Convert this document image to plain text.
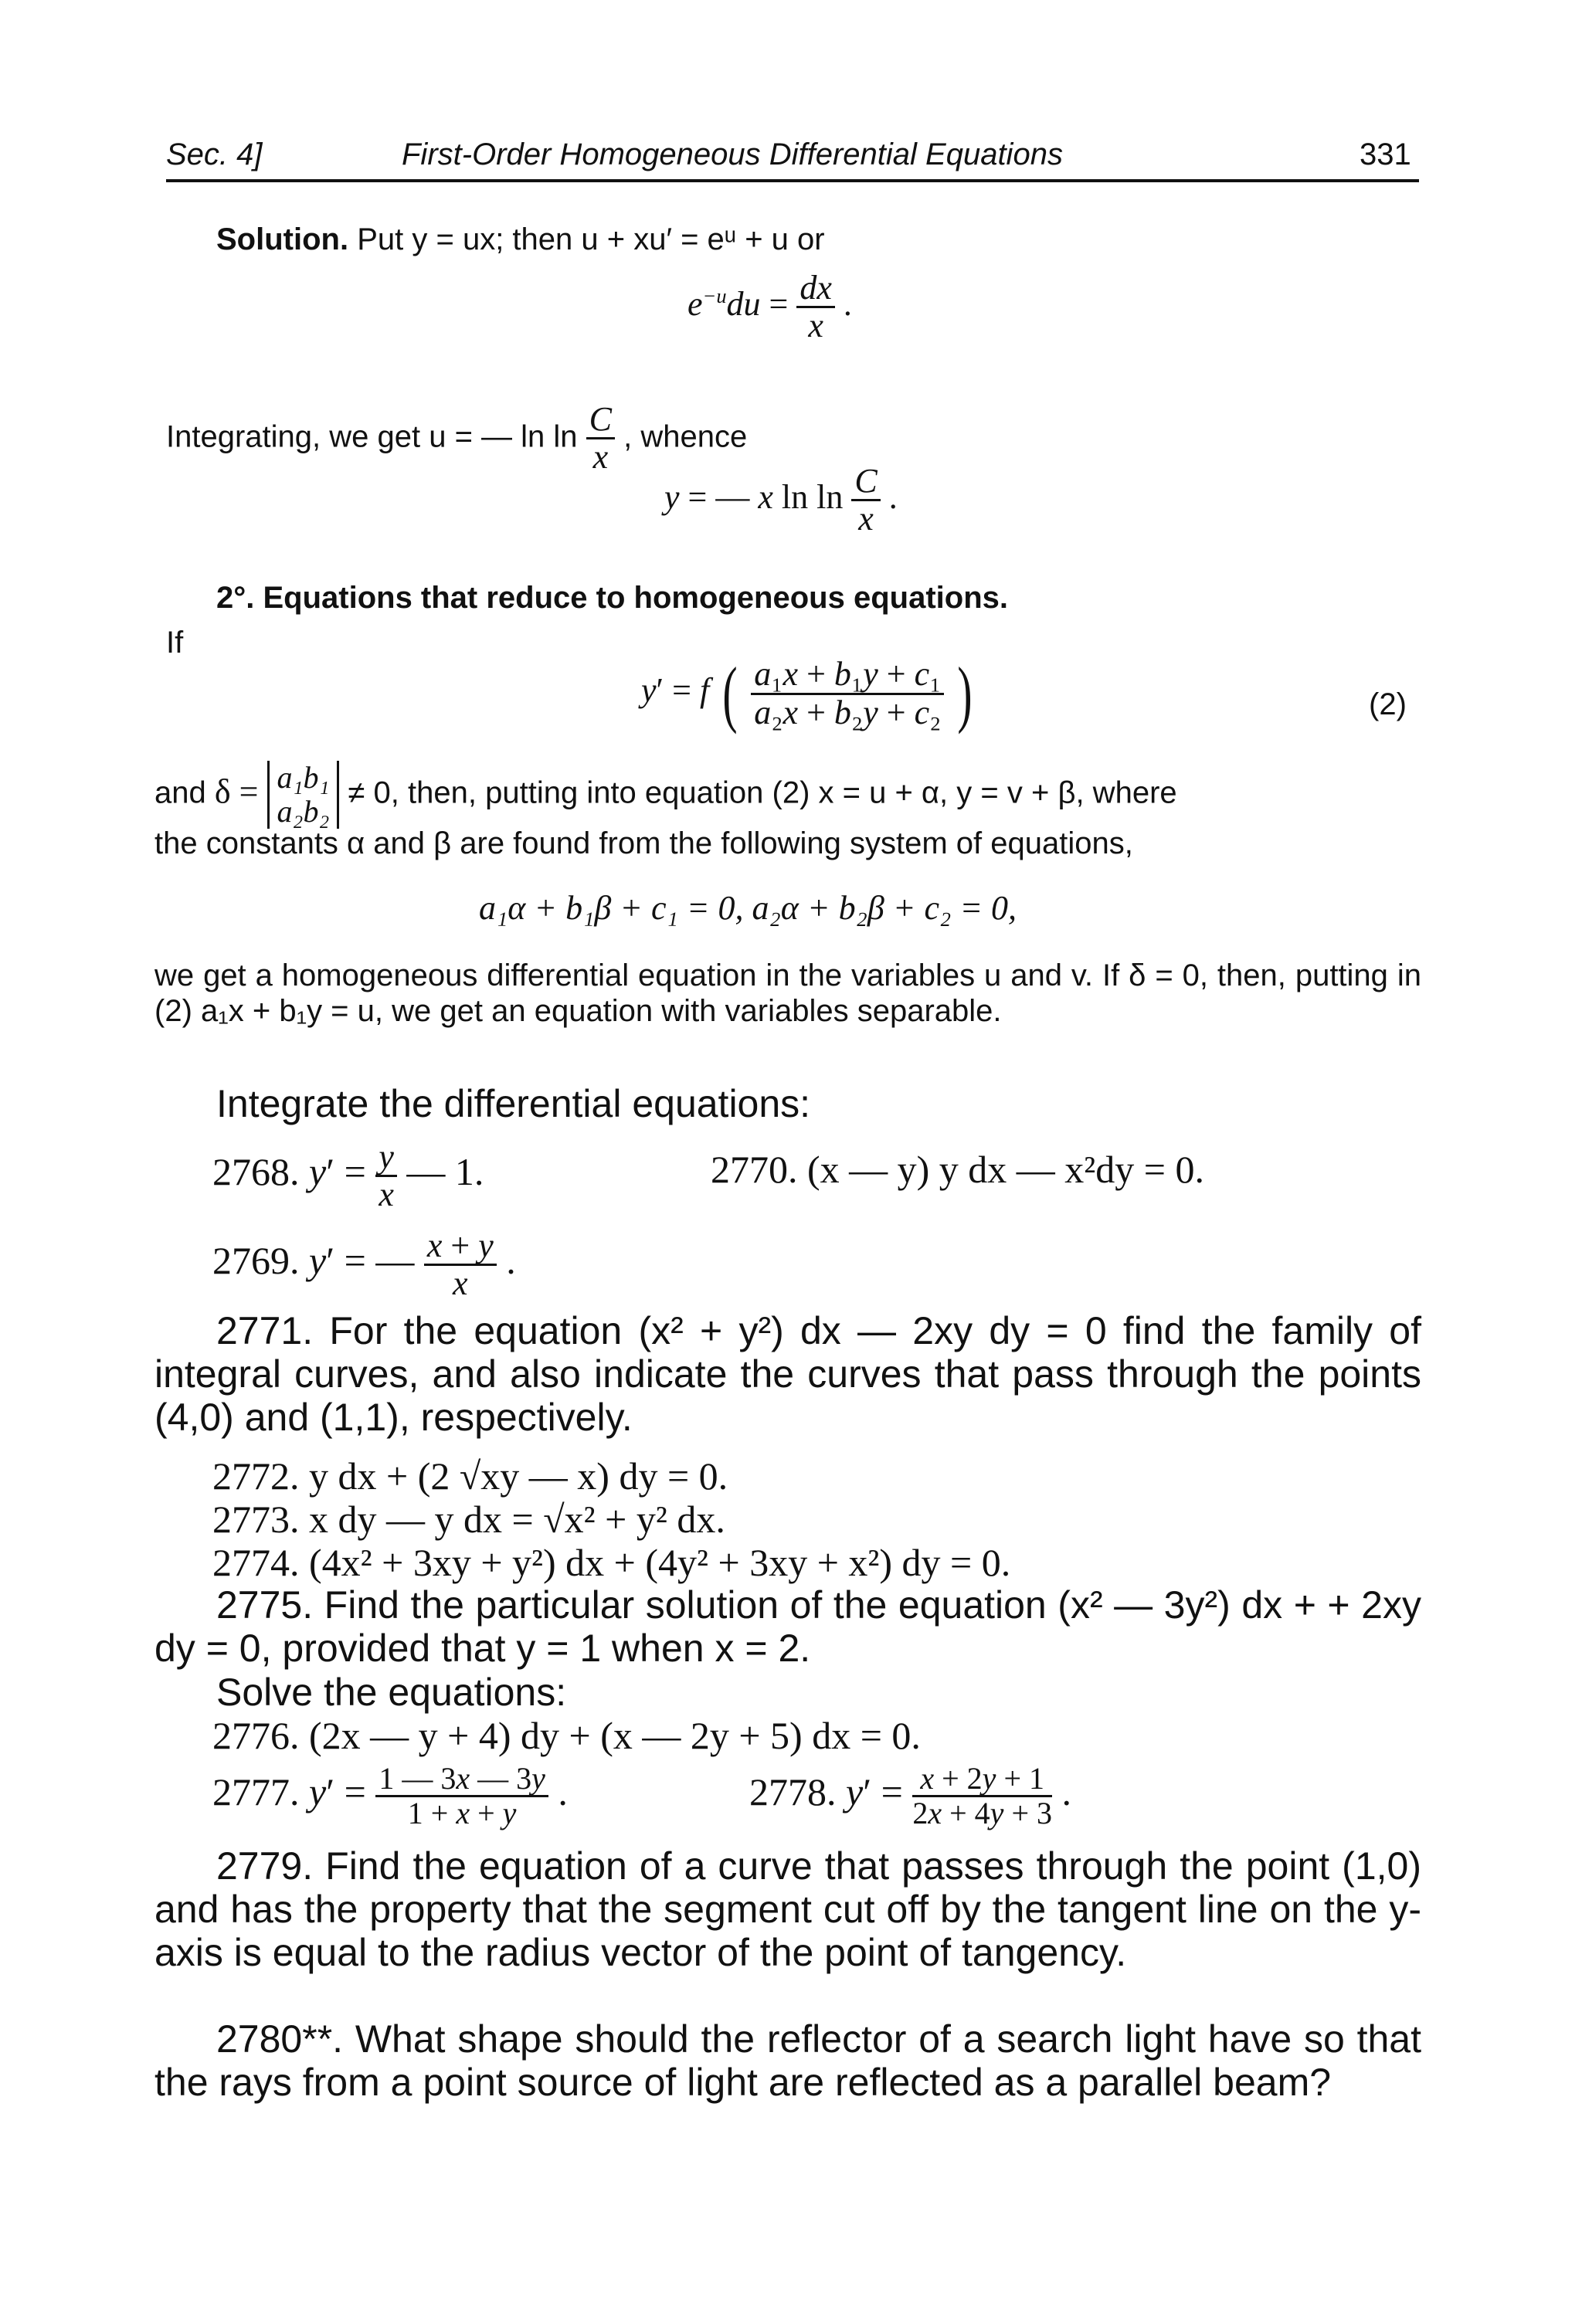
Sec. 4]	First-Order Homogeneous Differential Equations	331
Solution. Put y = ux; then u + xu′ = eᵘ + u or
$e^{-u}du = \frac{dx}{x}$ .
Integrating, we get u = — $\ln \ln \frac{C}{x}$ , whence
y = — x $\ln \ln \frac{C}{x}$ .
2°. Equations that reduce to homogeneous equations.
If
y′ = f ( $\frac{\text{a₁x + b₁y + c₁}}{\text{a₂x + b₂y + c₂}}$ )	(2)
and δ = a₁b₁
a₂b₂ ≠ 0, then, putting into equation (2) x = u + α, y = v + β, where
the constants α and β are found from the following system of equations,
a₁α + b₁β + c₁ = 0, a₂α + b₂β + c₂ = 0,
we get a homogeneous differential equation in the variables u and v. If δ = 0, then, putting in (2) a₁x + b₁y = u, we get an equation with variables separable.
Integrate the differential equations:
2768. $y' = \frac{y}{x}$ — 1.	2770. (x — y) y dx — x²dy = 0.
2769. y′ = — $\frac{x + y}{x}$ .
2771. For the equation (x² + y²) dx — 2xy dy = 0 find the family of integral curves, and also indicate the curves that pass through the points (4,0) and (1,1), respectively.
2772. y dx + (2 √xy — x) dy = 0.
2773. x dy — y dx = √x² + y² dx.
2774. (4x² + 3xy + y²) dx + (4y² + 3xy + x²) dy = 0.
2775. Find the particular solution of the equation (x² — 3y²) dx + + 2xy dy = 0, provided that y = 1 when x = 2.
Solve the equations:
2776. (2x — y + 4) dy + (x — 2y + 5) dx = 0.
2777. $y' = \frac{1 — 3x — 3y}{1 + x + y}$ .	2778. $y' = \frac{x + 2y + 1}{2x + 4y + 3}$ .
2779. Find the equation of a curve that passes through the point (1,0) and has the property that the segment cut off by the tangent line on the y-axis is equal to the radius vector of the point of tangency.
2780**. What shape should the reflector of a search light have so that the rays from a point source of light are reflected as a parallel beam?
